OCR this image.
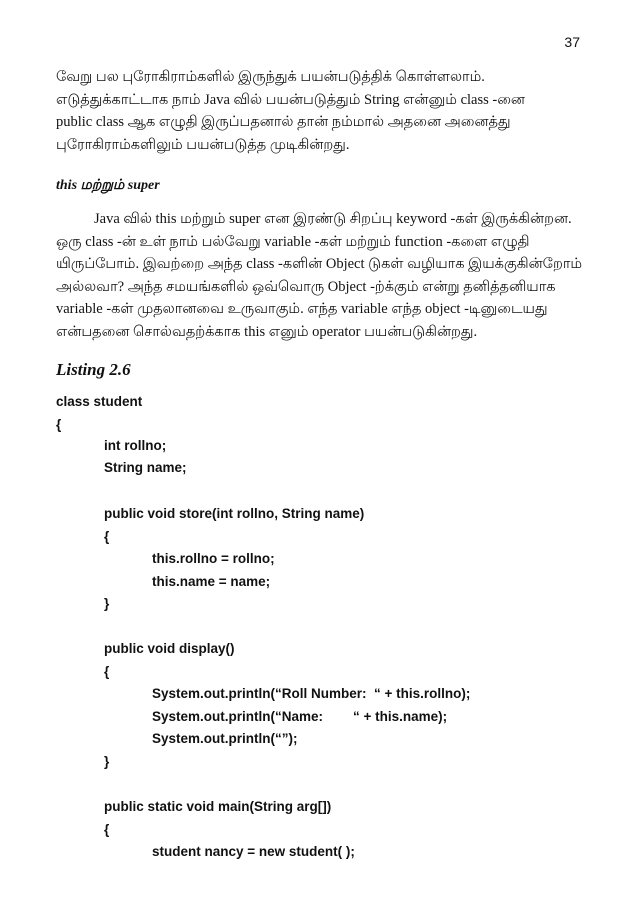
37
வேறு பல புரோகிராம்களில் இருந்துக் பயன்படுத்திக் கொள்ளலாம்.
எடுத்துக்காட்டாக நாம் Java வில் பயன்படுத்தும் String என்னும் class -னை
public class ஆக எழுதி இருப்பதனால் தான் நம்மால் அதனை அனைத்து
புரோகிராம்களிலும் பயன்படுத்த முடிகின்றது.
this மற்றும் super
Java வில் this மற்றும் super என இரண்டு சிறப்பு keyword -கள் இருக்கின்றன.
ஒரு class -ன் உள் நாம் பல்வேறு variable -கள் மற்றும் function -களை எழுதி
யிருப்போம். இவற்றை அந்த class -களின் Object டுகள் வழியாக இயக்குகின்றோம்
அல்லவா? அந்த சமயங்களில் ஒவ்வொரு Object -ற்க்கும் என்று தனித்தனியாக
variable -கள் முதலானவை உருவாகும். எந்த variable எந்த object -டினுடையது
என்பதனை சொல்வதற்க்காக this எனும் operator பயன்படுகின்றது.
Listing 2.6
class student
{
int rollno;
String name;
public void store(int rollno, String name)
{
this.rollno = rollno;
this.name = name;
}
public void display()
{
System.out.println(“Roll Number:  “ + this.rollno);
System.out.println(“Name:        “ + this.name);
System.out.println(“”);
}
public static void main(String arg[])
{
student nancy = new student( );
